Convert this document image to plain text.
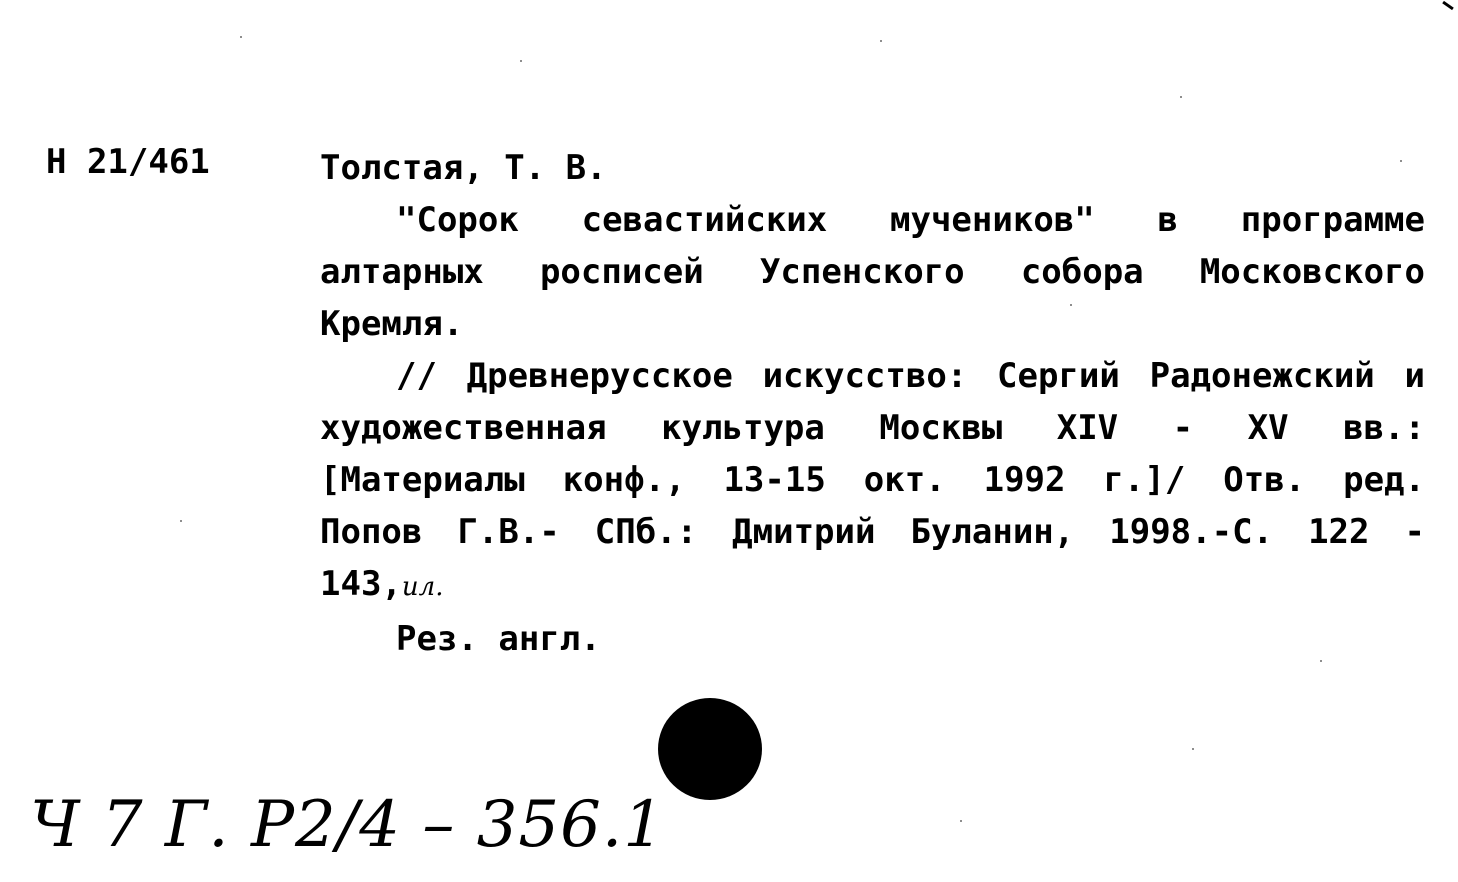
Н 21/461	Толстая, Т. В.

"Сорок севастийских мучеников" в программе алтарных росписей Успенского собора Московского Кремля.

// Древнерусское искусство: Сергий Радонежский и художественная культура Москвы XIV - XV вв.: [Материалы конф., 13-15 окт. 1992 г.]/ Отв. ред. Попов Г.В.- СПб.: Дмитрий Буланин, 1998.-С. 122 - 143,ил.

Рез. англ.

Ч 7 Г. Р2/4 – 356.1
